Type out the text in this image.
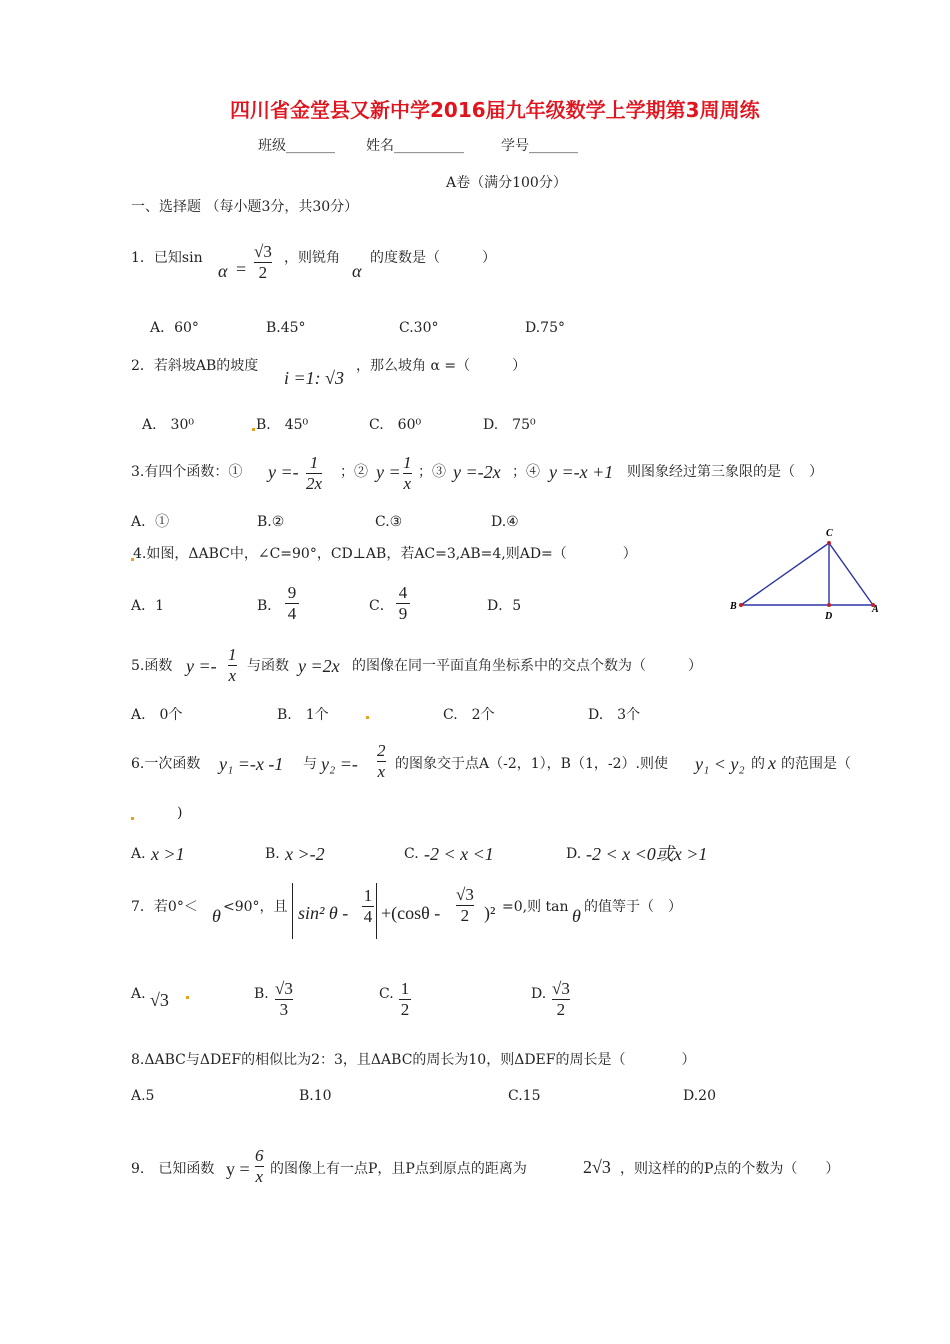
四川省金堂县又新中学2016届九年级数学上学期第3周周练
班级_______ 姓名__________	学号_______
A卷（满分100分）
一、选择题 （每小题3分，共30分）
1．已知sin
α =
√3
2
，则锐角
α
的度数是（　　　）
A．60°	B.45°	C.30°	D.75°
2．若斜坡AB的坡度
i =1: √3
，那么坡角 α =（　　　）
A.　30⁰	B.　45⁰	C.　60⁰	D.　75⁰
3.有四个函数：① y =- 1
2x
；② y = 1
x
；③ y =-2x ；④ y =-x +1 则图象经过第三象限的是（　）
A．①	B.②	C.③	D.④
4.如图，ΔABC中，∠C=90°，CD⊥AB，若AC=3,AB=4,则AD=（　　　　）
A．1	B．
9
4	C．
4
9	D．5
C
B
D
A
5.函数 y =-
1
x 与函数 y =2x 的图像在同一平面直角坐标系中的交点个数为（　　　）
A.　0个	B.　1个	C.　2个	D.　3个
6.一次函数 y₁ =-x -1 与 y₂ =-
2
x 的图象交于点A（-2，1），B（1，-2）.则使 y₁ < y₂ 的 x 的范围是（
)
A. x >1	B. x >-2	C. -2 < x <1	D. -2 < x <0或x >1
7．若0°＜ θ <90°，且 sin² θ -
1
4 +(cosθ -
√3
2 )² =0,则 tan θ 的值等于（　）
A. √3	B. √3
3
C. 1
2
D. √3
2
8.ΔABC与ΔDEF的相似比为2：3，且ΔABC的周长为10，则ΔDEF的周长是（　　　　）
A.5	B.10	C.15	D.20
9.　已知函数 y =
6
x 的图像上有一点P，且P点到原点的距离为	2√3 ，则这样的的P点的个数为（　　）
